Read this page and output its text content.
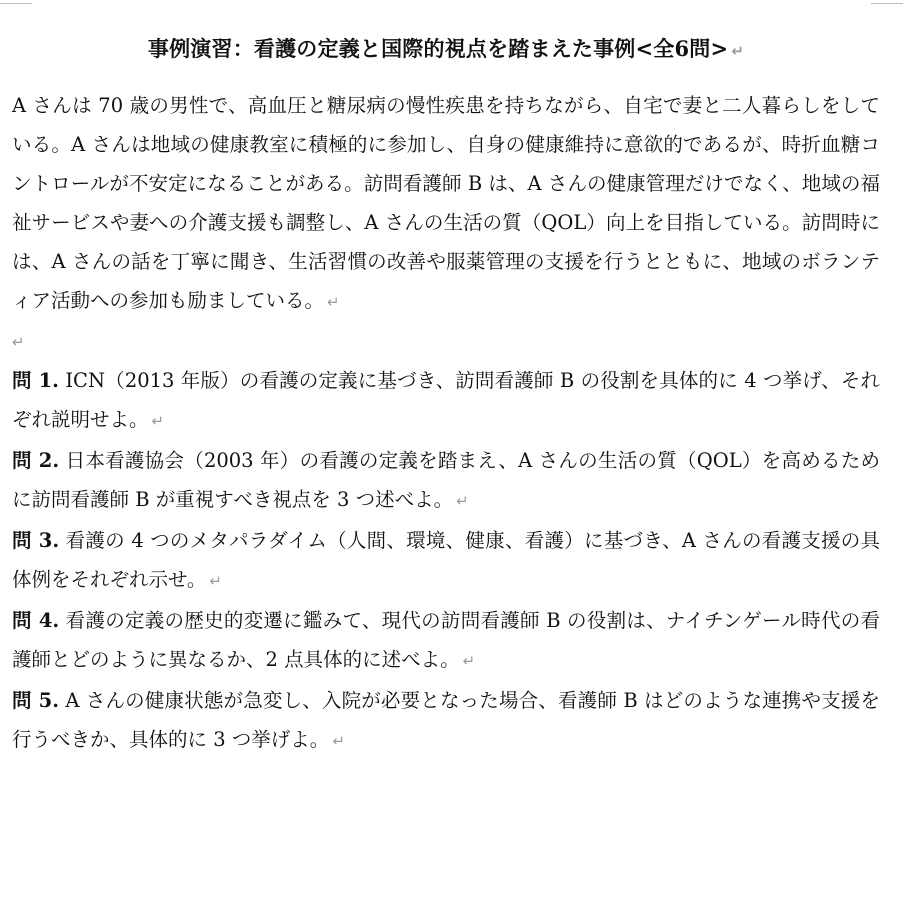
事例演習：看護の定義と国際的視点を踏まえた事例<全6問> ↵

A さんは 70 歳の男性で、高血圧と糖尿病の慢性疾患を持ちながら、自宅で妻と二人暮らしをしている。A さんは地域の健康教室に積極的に参加し、自身の健康維持に意欲的であるが、時折血糖コントロールが不安定になることがある。訪問看護師 B は、A さんの健康管理だけでなく、地域の福祉サービスや妻への介護支援も調整し、A さんの生活の質（QOL）向上を目指している。訪問時には、A さんの話を丁寧に聞き、生活習慣の改善や服薬管理の支援を行うとともに、地域のボランティア活動への参加も励ましている。 ↵

↵

問 1. ICN（2013 年版）の看護の定義に基づき、訪問看護師 B の役割を具体的に 4 つ挙げ、それぞれ説明せよ。 ↵

問 2. 日本看護協会（2003 年）の看護の定義を踏まえ、A さんの生活の質（QOL）を高めるために訪問看護師 B が重視すべき視点を 3 つ述べよ。 ↵

問 3. 看護の 4 つのメタパラダイム（人間、環境、健康、看護）に基づき、A さんの看護支援の具体例をそれぞれ示せ。 ↵

問 4. 看護の定義の歴史的変遷に鑑みて、現代の訪問看護師 B の役割は、ナイチンゲール時代の看護師とどのように異なるか、2 点具体的に述べよ。 ↵

問 5. A さんの健康状態が急変し、入院が必要となった場合、看護師 B はどのような連携や支援を行うべきか、具体的に 3 つ挙げよ。 ↵
